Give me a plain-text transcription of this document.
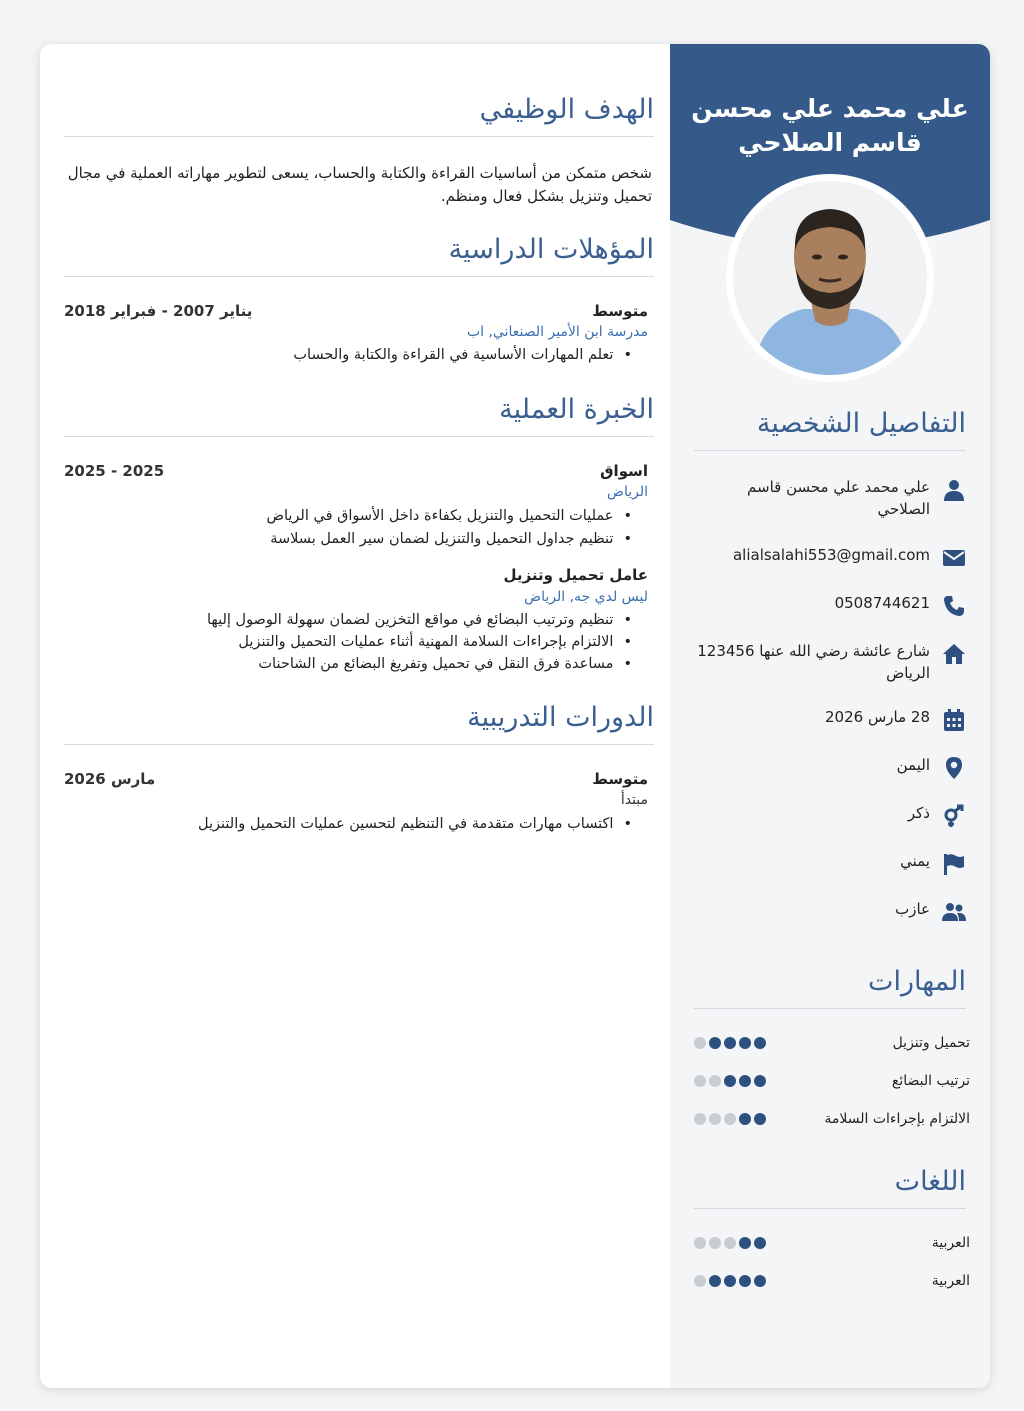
علي محمد علي محسن
قاسم الصلاحي
التفاصيل الشخصية
علي محمد علي محسن قاسم الصلاحي
alialsalahi553@gmail.com
0508744621
شارع عائشة رضي الله عنها 123456 الرياض
28 مارس 2026
اليمن
ذكر
يمني
عازب
المهارات
تحميل وتنزيل
ترتيب البضائع
الالتزام بإجراءات السلامة
اللغات
العربية
العربية
الهدف الوظيفي
شخص متمكن من أساسيات القراءة والكتابة والحساب، يسعى لتطوير مهاراته العملية في مجال تحميل وتنزيل بشكل فعال ومنظم.
المؤهلات الدراسية
متوسط
يناير 2007 - فبراير 2018
مدرسة ابن الأمير الصنعاني, اب
• تعلم المهارات الأساسية في القراءة والكتابة والحساب
الخبرة العملية
اسواق
2025 - 2025
الرياض
• عمليات التحميل والتنزيل بكفاءة داخل الأسواق في الرياض
• تنظيم جداول التحميل والتنزيل لضمان سير العمل بسلاسة
عامل تحميل وتنزيل
ليس لدي جه, الرياض
• تنظيم وترتيب البضائع في مواقع التخزين لضمان سهولة الوصول إليها
• الالتزام بإجراءات السلامة المهنية أثناء عمليات التحميل والتنزيل
• مساعدة فرق النقل في تحميل وتفريغ البضائع من الشاحنات
الدورات التدريبية
متوسط
مارس 2026
مبتدأ
• اكتساب مهارات متقدمة في التنظيم لتحسين عمليات التحميل والتنزيل
